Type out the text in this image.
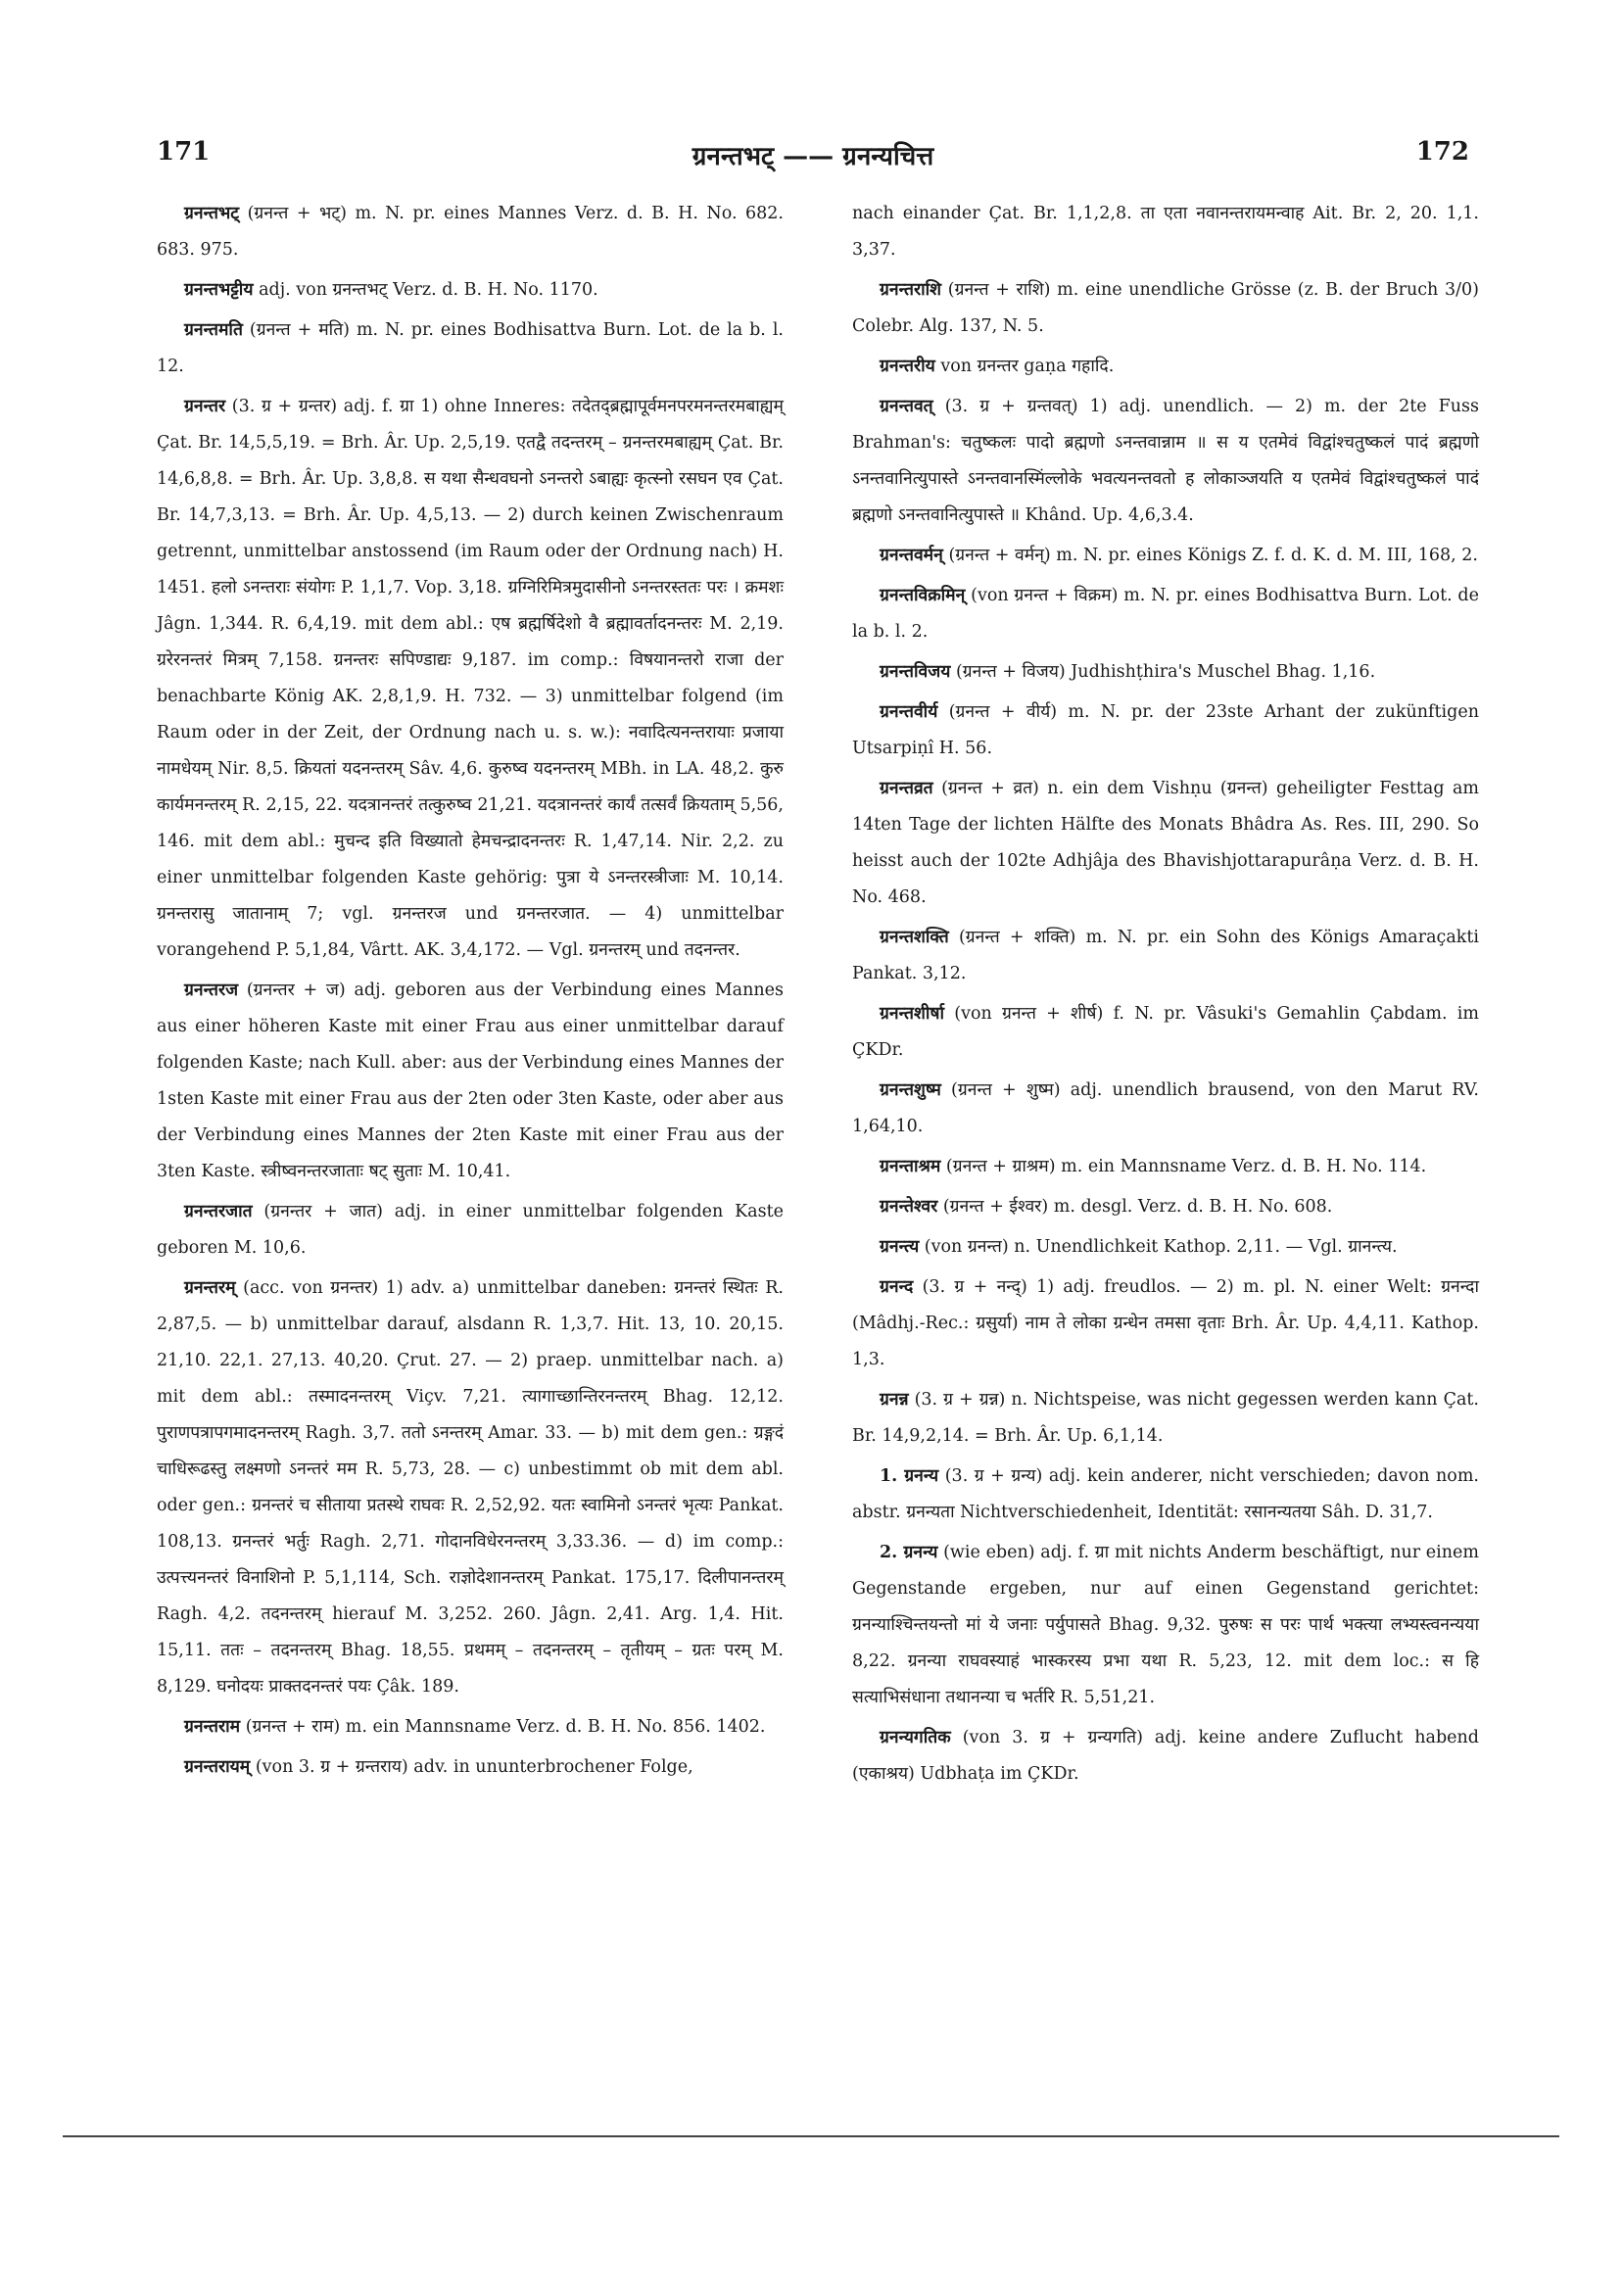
171	ग्रनन्तभट् —— ग्रनन्यचित्त	172

ग्रनन्तभट् (ग्रनन्त + भट्) m. N. pr. eines Mannes Verz. d. B. H. No. 682. 683. 975.

ग्रनन्तभट्टीय adj. von ग्रनन्तभट् Verz. d. B. H. No. 1170.

ग्रनन्तमति (ग्रनन्त + मति) m. N. pr. eines Bodhisattva Burn. Lot. de la b. l. 12.

ग्रनन्तर (3. ग्र + ग्रन्तर) adj. f. ग्रा 1) ohne Inneres: तदेतद्ब्रह्मापूर्वमनपरमनन्तरमबाह्यम् Çat. Br. 14,5,5,19. = Brh. Âr. Up. 2,5,19. एतद्वै तदन्तरम् – ग्रनन्तरमबाह्यम् Çat. Br. 14,6,8,8. = Brh. Âr. Up. 3,8,8. स यथा सैन्धवघनो ऽनन्तरो ऽबाह्यः कृत्स्नो रसघन एव Çat. Br. 14,7,3,13. = Brh. Âr. Up. 4,5,13. — 2) durch keinen Zwischenraum getrennt, unmittelbar anstossend (im Raum oder der Ordnung nach) H. 1451. हलो ऽनन्तराः संयोगः P. 1,1,7. Vop. 3,18. ग्रग्निरिमित्रमुदासीनो ऽनन्तरस्ततः परः । क्रमशः Jâgn. 1,344. R. 6,4,19. mit dem abl.: एष ब्रह्मर्षिदेशो वै ब्रह्मावर्तादनन्तरः M. 2,19. ग्ररेरनन्तरं मित्रम् 7,158. ग्रनन्तरः सपिण्डाद्यः 9,187. im comp.: विषयानन्तरो राजा der benachbarte König AK. 2,8,1,9. H. 732. — 3) unmittelbar folgend (im Raum oder in der Zeit, der Ordnung nach u. s. w.): नवादित्यनन्तरायाः प्रजाया नामधेयम् Nir. 8,5. क्रियतां यदनन्तरम् Sâv. 4,6. कुरुष्व यदनन्तरम् MBh. in LA. 48,2. कुरु कार्यमनन्तरम् R. 2,15, 22. यदत्रानन्तरं तत्कुरुष्व 21,21. यदत्रानन्तरं कार्यं तत्सर्वं क्रियताम् 5,56, 146. mit dem abl.: मुचन्द इति विख्यातो हेमचन्द्रादनन्तरः R. 1,47,14. Nir. 2,2. zu einer unmittelbar folgenden Kaste gehörig: पुत्रा ये ऽनन्तरस्त्रीजाः M. 10,14. ग्रनन्तरासु जातानाम् 7; vgl. ग्रनन्तरज und ग्रनन्तरजात. — 4) unmittelbar vorangehend P. 5,1,84, Vârtt. AK. 3,4,172. — Vgl. ग्रनन्तरम् und तदनन्तर.

ग्रनन्तरज (ग्रनन्तर + ज) adj. geboren aus der Verbindung eines Mannes aus einer höheren Kaste mit einer Frau aus einer unmittelbar darauf folgenden Kaste; nach Kull. aber: aus der Verbindung eines Mannes der 1sten Kaste mit einer Frau aus der 2ten oder 3ten Kaste, oder aber aus der Verbindung eines Mannes der 2ten Kaste mit einer Frau aus der 3ten Kaste. स्त्रीष्वनन्तरजाताः षट् सुताः M. 10,41.

ग्रनन्तरजात (ग्रनन्तर + जात) adj. in einer unmittelbar folgenden Kaste geboren M. 10,6.

ग्रनन्तरम् (acc. von ग्रनन्तर) 1) adv. a) unmittelbar daneben: ग्रनन्तरं स्थितः R. 2,87,5. — b) unmittelbar darauf, alsdann R. 1,3,7. Hit. 13, 10. 20,15. 21,10. 22,1. 27,13. 40,20. Çrut. 27. — 2) praep. unmittelbar nach. a) mit dem abl.: तस्मादनन्तरम् Viçv. 7,21. त्यागाच्छान्तिरनन्तरम् Bhag. 12,12. पुराणपत्रापगमादनन्तरम् Ragh. 3,7. ततो ऽनन्तरम् Amar. 33. — b) mit dem gen.: ग्रङ्गदं चाधिरूढस्तु लक्ष्मणो ऽनन्तरं मम R. 5,73, 28. — c) unbestimmt ob mit dem abl. oder gen.: ग्रनन्तरं च सीताया प्रतस्थे राघवः R. 2,52,92. यतः स्वामिनो ऽनन्तरं भृत्यः Pankat. 108,13. ग्रनन्तरं भर्तुः Ragh. 2,71. गोदानविधेरनन्तरम् 3,33.36. — d) im comp.: उत्पत्त्यनन्तरं विनाशिनो P. 5,1,114, Sch. राज्ञोदेशानन्तरम् Pankat. 175,17. दिलीपानन्तरम् Ragh. 4,2. तदनन्तरम् hierauf M. 3,252. 260. Jâgn. 2,41. Arg. 1,4. Hit. 15,11. ततः – तदनन्तरम् Bhag. 18,55. प्रथमम् – तदनन्तरम् – तृतीयम् – ग्रतः परम् M. 8,129. घनोदयः प्राक्तदनन्तरं पयः Çâk. 189.

ग्रनन्तराम (ग्रनन्त + राम) m. ein Mannsname Verz. d. B. H. No. 856. 1402.

ग्रनन्तरायम् (von 3. ग्र + ग्रन्तराय) adv. in ununterbrochener Folge,

nach einander Çat. Br. 1,1,2,8. ता एता नवानन्तरायमन्वाह Ait. Br. 2, 20. 1,1. 3,37.

ग्रनन्तराशि (ग्रनन्त + राशि) m. eine unendliche Grösse (z. B. der Bruch 3/0) Colebr. Alg. 137, N. 5.

ग्रनन्तरीय von ग्रनन्तर gaṇa गहादि.

ग्रनन्तवत् (3. ग्र + ग्रन्तवत्) 1) adj. unendlich. — 2) m. der 2te Fuss Brahman's: चतुष्कलः पादो ब्रह्मणो ऽनन्तवान्नाम ॥ स य एतमेवं विद्वांश्चतुष्कलं पादं ब्रह्मणो ऽनन्तवानित्युपास्ते ऽनन्तवानस्मिंल्लोके भवत्यनन्तवतो ह लोकाञ्जयति य एतमेवं विद्वांश्चतुष्कलं पादं ब्रह्मणो ऽनन्तवानित्युपास्ते ॥ Khând. Up. 4,6,3.4.

ग्रनन्तवर्मन् (ग्रनन्त + वर्मन्) m. N. pr. eines Königs Z. f. d. K. d. M. III, 168, 2.

ग्रनन्तविक्रमिन् (von ग्रनन्त + विक्रम) m. N. pr. eines Bodhisattva Burn. Lot. de la b. l. 2.

ग्रनन्तविजय (ग्रनन्त + विजय) Judhishṭhira's Muschel Bhag. 1,16.

ग्रनन्तवीर्य (ग्रनन्त + वीर्य) m. N. pr. der 23ste Arhant der zukünftigen Utsarpiṇî H. 56.

ग्रनन्तव्रत (ग्रनन्त + व्रत) n. ein dem Vishṇu (ग्रनन्त) geheiligter Festtag am 14ten Tage der lichten Hälfte des Monats Bhâdra As. Res. III, 290. So heisst auch der 102te Adhjâja des Bhavishjottarapurâṇa Verz. d. B. H. No. 468.

ग्रनन्तशक्ति (ग्रनन्त + शक्ति) m. N. pr. ein Sohn des Königs Amaraçakti Pankat. 3,12.

ग्रनन्तशीर्षा (von ग्रनन्त + शीर्ष) f. N. pr. Vâsuki's Gemahlin Çabdam. im ÇKDr.

ग्रनन्तशुष्म (ग्रनन्त + शुष्म) adj. unendlich brausend, von den Marut RV. 1,64,10.

ग्रनन्ताश्रम (ग्रनन्त + ग्राश्रम) m. ein Mannsname Verz. d. B. H. No. 114.

ग्रनन्तेश्वर (ग्रनन्त + ईश्वर) m. desgl. Verz. d. B. H. No. 608.

ग्रनन्त्य (von ग्रनन्त) n. Unendlichkeit Kathop. 2,11. — Vgl. ग्रानन्त्य.

ग्रनन्द (3. ग्र + नन्द्) 1) adj. freudlos. — 2) m. pl. N. einer Welt: ग्रनन्दा (Mâdhj.-Rec.: ग्रसुर्या) नाम ते लोका ग्रन्धेन तमसा वृताः Brh. Âr. Up. 4,4,11. Kathop. 1,3.

ग्रनन्न (3. ग्र + ग्रन्न) n. Nichtspeise, was nicht gegessen werden kann Çat. Br. 14,9,2,14. = Brh. Âr. Up. 6,1,14.

1. ग्रनन्य (3. ग्र + ग्रन्य) adj. kein anderer, nicht verschieden; davon nom. abstr. ग्रनन्यता Nichtverschiedenheit, Identität: रसानन्यतया Sâh. D. 31,7.

2. ग्रनन्य (wie eben) adj. f. ग्रा mit nichts Anderm beschäftigt, nur einem Gegenstande ergeben, nur auf einen Gegenstand gerichtet: ग्रनन्याश्चिन्तयन्तो मां ये जनाः पर्युपासते Bhag. 9,32. पुरुषः स परः पार्थ भक्त्या लभ्यस्त्वनन्यया 8,22. ग्रनन्या राघवस्याहं भास्करस्य प्रभा यथा R. 5,23, 12. mit dem loc.: स हि सत्याभिसंधाना तथानन्या च भर्तरि R. 5,51,21.

ग्रनन्यगतिक (von 3. ग्र + ग्रन्यगति) adj. keine andere Zuflucht habend (एकाश्रय) Udbhaṭa im ÇKDr.
